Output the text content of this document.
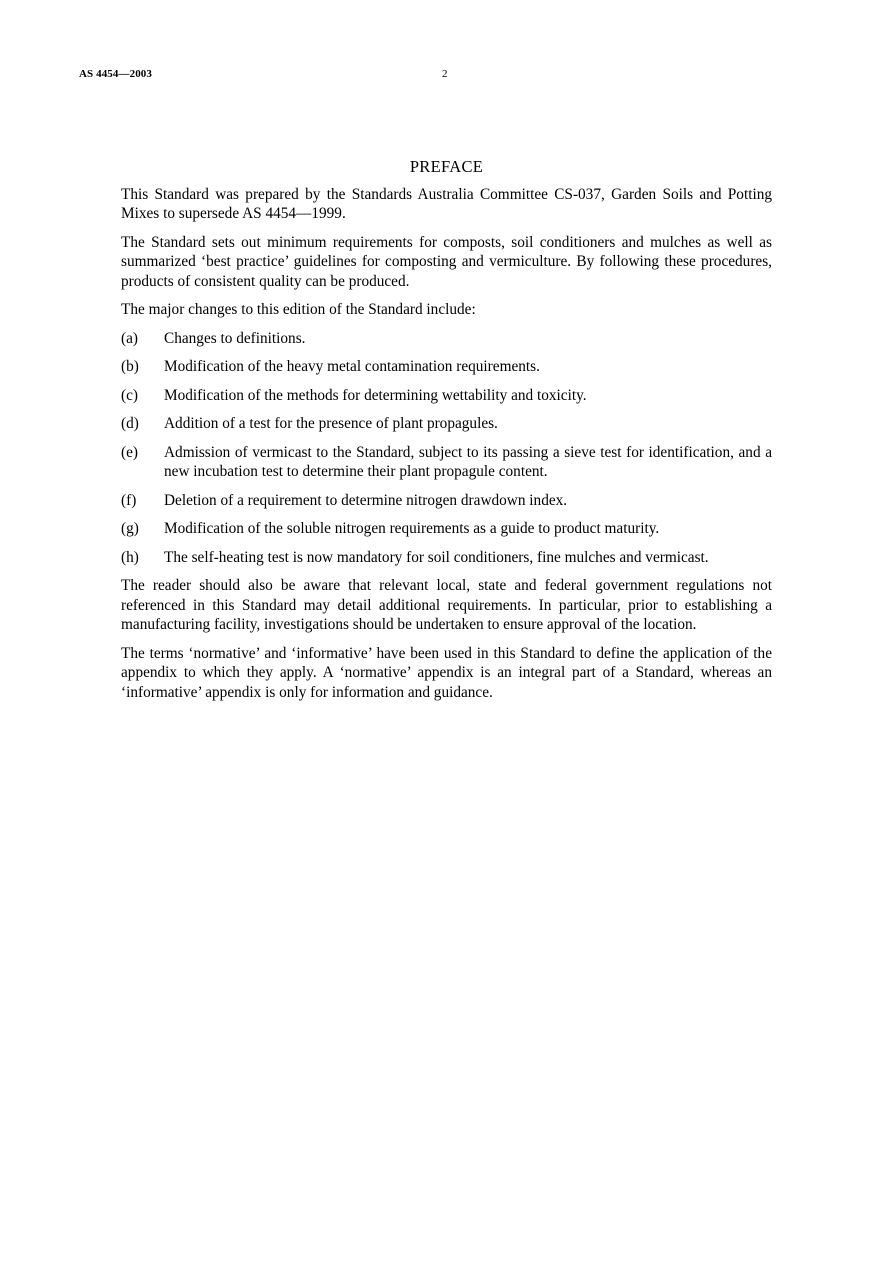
AS 4454—2003	2
PREFACE

This Standard was prepared by the Standards Australia Committee CS-037, Garden Soils and Potting Mixes to supersede AS 4454—1999.

The Standard sets out minimum requirements for composts, soil conditioners and mulches as well as summarized ‘best practice’ guidelines for composting and vermiculture. By following these procedures, products of consistent quality can be produced.

The major changes to this edition of the Standard include:

(a)	Changes to definitions.
(b)	Modification of the heavy metal contamination requirements.
(c)	Modification of the methods for determining wettability and toxicity.
(d)	Addition of a test for the presence of plant propagules.
(e)	Admission of vermicast to the Standard, subject to its passing a sieve test for identification, and a new incubation test to determine their plant propagule content.
(f)	Deletion of a requirement to determine nitrogen drawdown index.
(g)	Modification of the soluble nitrogen requirements as a guide to product maturity.
(h)	The self-heating test is now mandatory for soil conditioners, fine mulches and vermicast.

The reader should also be aware that relevant local, state and federal government regulations not referenced in this Standard may detail additional requirements. In particular, prior to establishing a manufacturing facility, investigations should be undertaken to ensure approval of the location.

The terms ‘normative’ and ‘informative’ have been used in this Standard to define the application of the appendix to which they apply. A ‘normative’ appendix is an integral part of a Standard, whereas an ‘informative’ appendix is only for information and guidance.
